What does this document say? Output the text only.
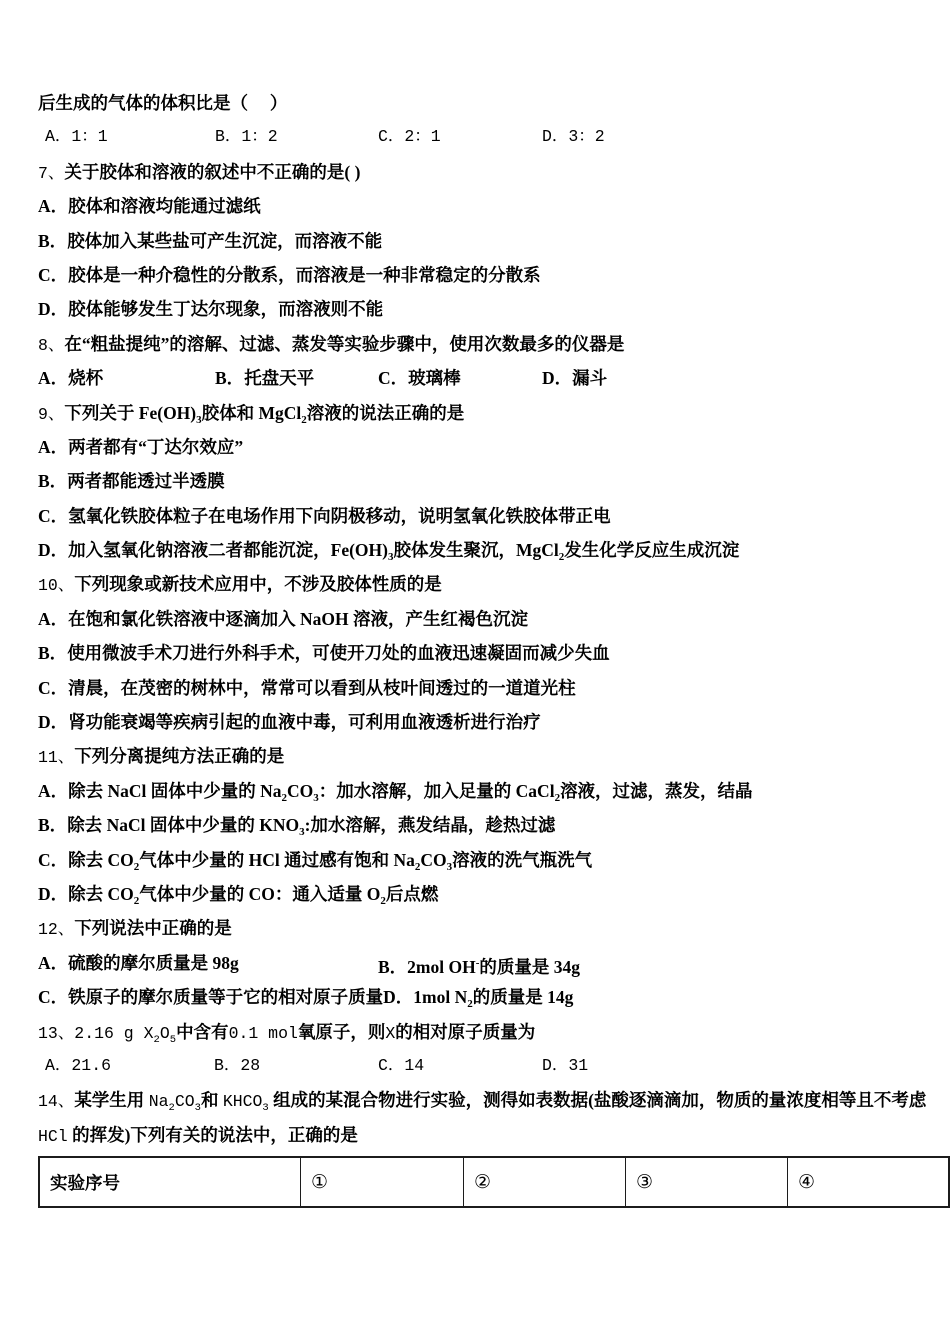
后生成的气体的体积比是（　 ）
A．1：1	B．1：2	C．2：1	D．3：2
7、关于胶体和溶液的叙述中不正确的是( )
A．胶体和溶液均能通过滤纸
B．胶体加入某些盐可产生沉淀，而溶液不能
C．胶体是一种介稳性的分散系，而溶液是一种非常稳定的分散系
D．胶体能够发生丁达尔现象，而溶液则不能
8、在“粗盐提纯”的溶解、过滤、蒸发等实验步骤中，使用次数最多的仪器是
A．烧杯	B．托盘天平	C．玻璃棒	D．漏斗
9、下列关于 $Fe(OH)_3$胶体和 MgCl$_2$溶液的说法正确的是
A．两者都有“丁达尔效应”
B．两者都能透过半透膜
C．氢氧化铁胶体粒子在电场作用下向阴极移动，说明氢氧化铁胶体带正电
D．加入氢氧化钠溶液二者都能沉淀，$Fe(OH)_3$胶体发生聚沉，MgCl$_2$发生化学反应生成沉淀
10、下列现象或新技术应用中，不涉及胶体性质的是
A．在饱和氯化铁溶液中逐滴加入 NaOH 溶液，产生红褐色沉淀
B．使用微波手术刀进行外科手术，可使开刀处的血液迅速凝固而减少失血
C．清晨，在茂密的树林中，常常可以看到从枝叶间透过的一道道光柱
D．肾功能衰竭等疾病引起的血液中毒，可利用血液透析进行治疗
11、下列分离提纯方法正确的是
A．除去 NaCl 固体中少量的 $Na_2CO_3$：加水溶解，加入足量的 CaCl$_2$溶液，过滤，蒸发，结晶
B．除去 NaCl 固体中少量的 $KNO_3$:加水溶解，燕发结晶，趁热过滤
C．除去 $CO_2$气体中少量的 HCl 通过感有饱和 $Na_2CO_3$溶液的洗气瓶洗气
D．除去 $CO_2$气体中少量的 CO：通入适量 $O_2$后点燃
12、下列说法中正确的是
A．硫酸的摩尔质量是 98g	B．2mol OH-的质量是 34g
C．铁原子的摩尔质量等于它的相对原子质量D．1mol $N_2$的质量是 14g
13、2.16 g $X_2O_5$中含有0.1 mol氧原子，则X的相对原子质量为
A．21.6	B．28	C．14	D．31
14、某学生用 $Na_2CO_3$和 $KHCO_3$ 组成的某混合物进行实验，测得如表数据(盐酸逐滴滴加，物质的量浓度相等且不考虑
HCl 的挥发)下列有关的说法中，正确的是
实验序号	①	②	③	④
